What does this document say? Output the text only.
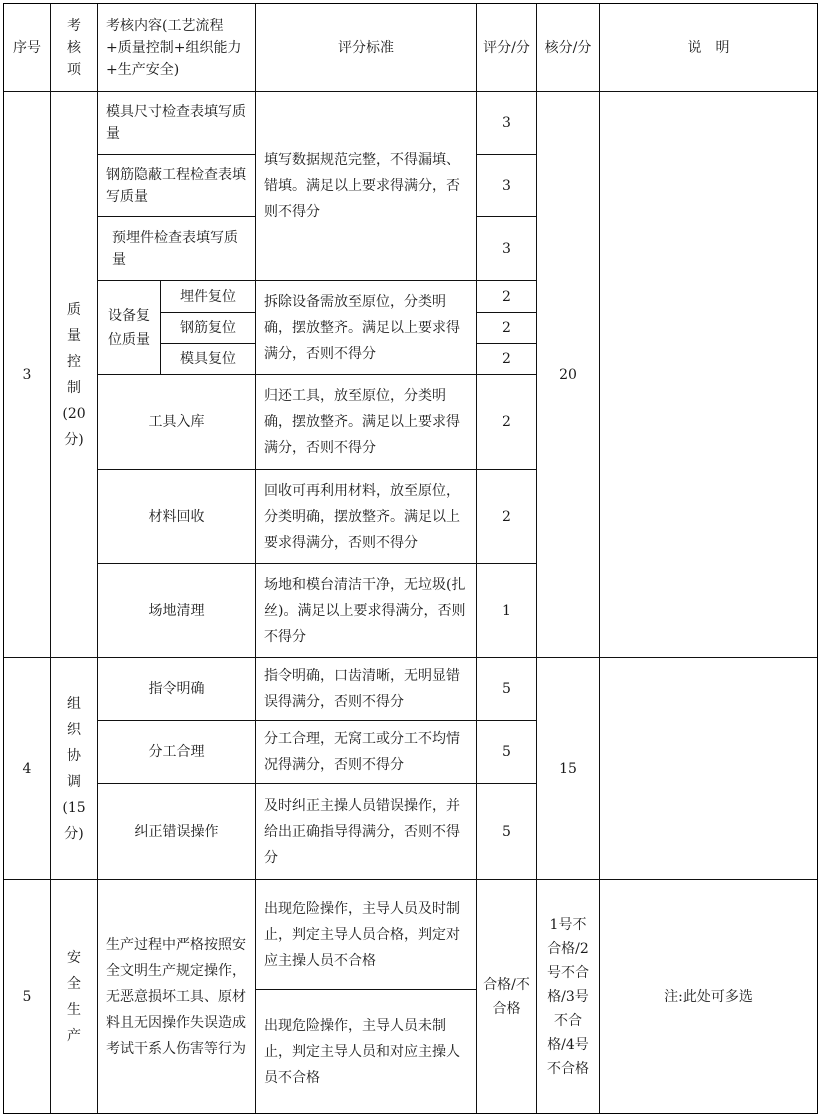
序号
考核项
考核内容(工艺流程+质量控制+组织能力+生产安全)
评分标准	评分/分 核分/分	说　明
3
质量控制(20分)
模具尺寸检查表填写质量
钢筋隐蔽工程检查表填写质量
预埋件检查表填写质量
填写数据规范完整，不得漏填、错填。满足以上要求得满分，否则不得分
3
3
3
设备复位质量
埋件复位
钢筋复位
模具复位
拆除设备需放至原位，分类明确，摆放整齐。满足以上要求得满分，否则不得分
2
2
2
工具入库
归还工具，放至原位，分类明确，摆放整齐。满足以上要求得满分，否则不得分
2
材料回收
回收可再利用材料，放至原位，分类明确，摆放整齐。满足以上要求得满分，否则不得分
2
场地清理
场地和模台清洁干净，无垃圾(扎丝)。满足以上要求得满分，否则不得分
1
20
4
组织协调(15分)
指令明确
指令明确，口齿清晰，无明显错误得满分，否则不得分
5
分工合理
分工合理，无窝工或分工不均情况得满分，否则不得分
5
纠正错误操作
及时纠正主操人员错误操作，并给出正确指导得满分，否则不得分
5
15
5
安全生产
生产过程中严格按照安全文明生产规定操作，无恶意损坏工具、原材料且无因操作失误造成考试干系人伤害等行为
出现危险操作，主导人员及时制止，判定主导人员合格，判定对应主操人员不合格
出现危险操作，主导人员未制止，判定主导人员和对应主操人员不合格
合格/不合格
1号不合格/2号不合格/3号不合格/4号不合格
注:此处可多选
